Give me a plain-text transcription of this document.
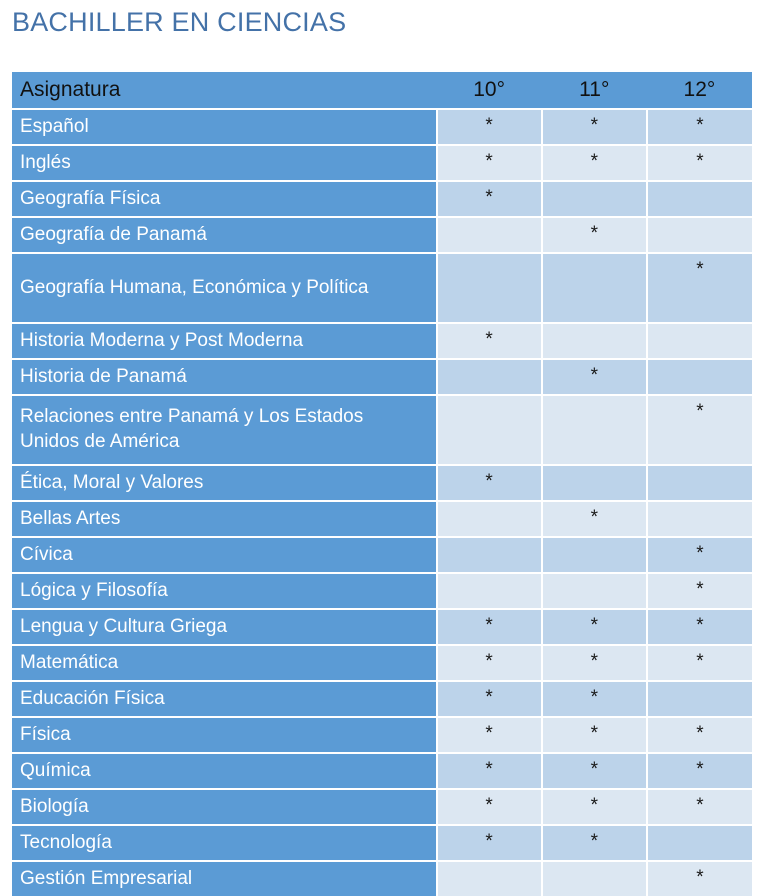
BACHILLER EN CIENCIAS
Asignatura	10°	11°	12°
Español	*	*	*
Inglés	*	*	*
Geografía Física	*		
Geografía de Panamá		*	
Geografía Humana, Económica y Política			*
Historia Moderna y Post Moderna	*		
Historia de Panamá		*	
Relaciones entre Panamá y Los Estados Unidos de América			*
Ética, Moral y Valores	*		
Bellas Artes		*	
Cívica			*
Lógica y Filosofía			*
Lengua y Cultura Griega	*	*	*
Matemática	*	*	*
Educación Física	*	*	
Física	*	*	*
Química	*	*	*
Biología	*	*	*
Tecnología	*	*	
Gestión Empresarial			*
